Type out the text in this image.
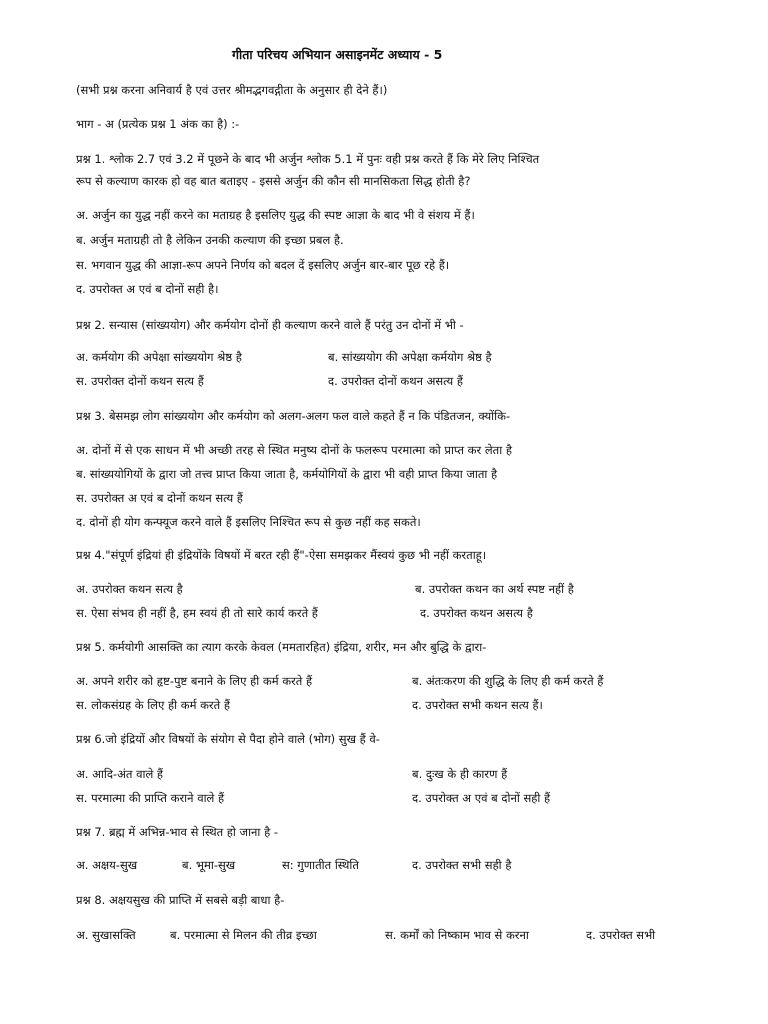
गीता परिचय अभियान असाइनमेंट अध्याय - 5
(सभी प्रश्न करना अनिवार्य है एवं उत्तर श्रीमद्भगवद्गीता के अनुसार ही देने हैं।)
भाग - अ (प्रत्येक प्रश्न 1 अंक का है) :-
प्रश्न 1. श्लोक 2.7 एवं 3.2 में पूछने के बाद भी अर्जुन श्लोक 5.1 में पुनः वही प्रश्न करते हैं कि मेरे लिए निश्चित
रूप से कल्याण कारक हो वह बात बताइए - इससे अर्जुन की कौन सी मानसिकता सिद्ध होती है?
अ. अर्जुन का युद्ध नहीं करने का मताग्रह है इसलिए युद्ध की स्पष्ट आज्ञा के बाद भी वे संशय में हैं।
ब. अर्जुन मताग्रही तो है लेकिन उनकी कल्याण की इच्छा प्रबल है.
स. भगवान युद्ध की आज्ञा-रूप अपने निर्णय को बदल दें इसलिए अर्जुन बार-बार पूछ रहे हैं।
द. उपरोक्त अ एवं ब दोनों सही है।
प्रश्न 2. सन्यास (सांख्ययोग) और कर्मयोग दोनों ही कल्याण करने वाले हैं परंतु उन दोनों में भी -
अ. कर्मयोग की अपेक्षा सांख्ययोग श्रेष्ठ है	ब. सांख्ययोग की अपेक्षा कर्मयोग श्रेष्ठ है
स. उपरोक्त दोनों कथन सत्य हैं	द. उपरोक्त दोनों कथन असत्य हैं
प्रश्न 3. बेसमझ लोग सांख्ययोग और कर्मयोग को अलग-अलग फल वाले कहते हैं न कि पंडितजन, क्योंकि-
अ. दोनों में से एक साधन में भी अच्छी तरह से स्थित मनुष्य दोनों के फलरूप परमात्मा को प्राप्त कर लेता है
ब. सांख्ययोगियों के द्वारा जो तत्त्व प्राप्त किया जाता है, कर्मयोगियों के द्वारा भी वही प्राप्त किया जाता है
स. उपरोक्त अ एवं ब दोनों कथन सत्य हैं
द. दोनों ही योग कन्फ्यूज करने वाले हैं इसलिए निश्चित रूप से कुछ नहीं कह सकते।
प्रश्न 4."संपूर्ण इंद्रियां ही इंद्रियोंके विषयों में बरत रही हैं"-ऐसा समझकर मैंस्वयं कुछ भी नहीं करताहू।
अ. उपरोक्त कथन सत्य है	ब. उपरोक्त कथन का अर्थ स्पष्ट नहीं है
स. ऐसा संभव ही नहीं है, हम स्वयं ही तो सारे कार्य करते हैं	द. उपरोक्त कथन असत्य है
प्रश्न 5. कर्मयोगी आसक्ति का त्याग करके केवल (ममतारहित) इंद्रिया, शरीर, मन और बुद्धि के द्वारा-
अ. अपने शरीर को हृष्ट-पुष्ट बनाने के लिए ही कर्म करते हैं	ब. अंतःकरण की शुद्धि के लिए ही कर्म करते हैं
स. लोकसंग्रह के लिए ही कर्म करते हैं	द. उपरोक्त सभी कथन सत्य हैं।
प्रश्न 6.जो इंद्रियों और विषयों के संयोग से पैदा होने वाले (भोग) सुख हैं वे-
अ. आदि-अंत वाले हैं	ब. दुःख के ही कारण हैं
स. परमात्मा की प्राप्ति कराने वाले हैं	द. उपरोक्त अ एवं ब दोनों सही हैं
प्रश्न 7. ब्रह्म में अभिन्न-भाव से स्थित हो जाना है -
अ. अक्षय-सुख	ब. भूमा-सुख	स: गुणातीत स्थिति	द. उपरोक्त सभी सही है
प्रश्न 8. अक्षयसुख की प्राप्ति में सबसे बड़ी बाधा है-
अ. सुखासक्ति	ब. परमात्मा से मिलन की तीव्र इच्छा	स. कर्मों को निष्काम भाव से करना	द. उपरोक्त सभी
